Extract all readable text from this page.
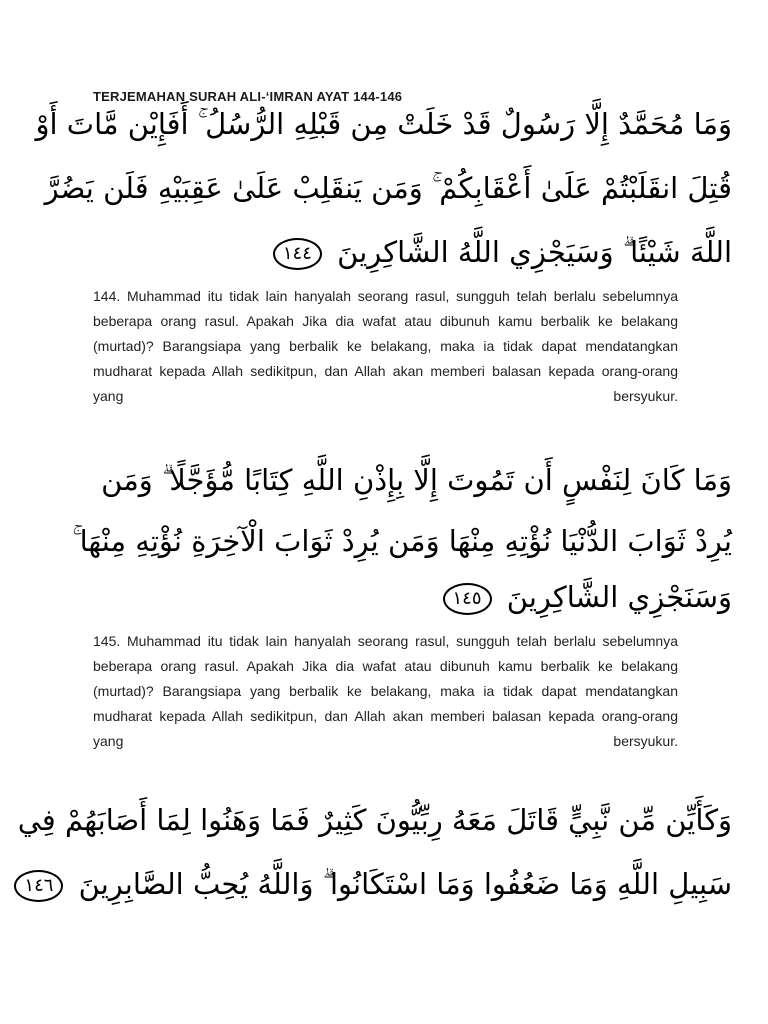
TERJEMAHAN SURAH ALI-‘IMRAN AYAT 144-146
وَمَا مُحَمَّدٌ إِلَّا رَسُولٌ قَدْ خَلَتْ مِن قَبْلِهِ الرُّسُلُ ۚ أَفَإِيْن مَّاتَ أَوْ
قُتِلَ انقَلَبْتُمْ عَلَىٰ أَعْقَابِكُمْ ۚ وَمَن يَنقَلِبْ عَلَىٰ عَقِبَيْهِ فَلَن يَضُرَّ
اللَّهَ شَيْئًا ۗ وَسَيَجْزِي اللَّهُ الشَّاكِرِينَ ١٤٤
144. Muhammad itu tidak lain hanyalah seorang rasul, sungguh telah berlalu sebelumnya beberapa orang rasul. Apakah Jika dia wafat atau dibunuh kamu berbalik ke belakang (murtad)? Barangsiapa yang berbalik ke belakang, maka ia tidak dapat mendatangkan mudharat kepada Allah sedikitpun, dan Allah akan memberi balasan kepada orang-orang yang bersyukur.
وَمَا كَانَ لِنَفْسٍ أَن تَمُوتَ إِلَّا بِإِذْنِ اللَّهِ كِتَابًا مُّؤَجَّلًا ۗ وَمَن
يُرِدْ ثَوَابَ الدُّنْيَا نُؤْتِهِ مِنْهَا وَمَن يُرِدْ ثَوَابَ الْآخِرَةِ نُؤْتِهِ مِنْهَا ۚ
وَسَنَجْزِي الشَّاكِرِينَ ١٤٥
145. Muhammad itu tidak lain hanyalah seorang rasul, sungguh telah berlalu sebelumnya beberapa orang rasul. Apakah Jika dia wafat atau dibunuh kamu berbalik ke belakang (murtad)? Barangsiapa yang berbalik ke belakang, maka ia tidak dapat mendatangkan mudharat kepada Allah sedikitpun, dan Allah akan memberi balasan kepada orang-orang yang bersyukur.
وَكَأَيِّن مِّن نَّبِيٍّ قَاتَلَ مَعَهُ رِبِّيُّونَ كَثِيرٌ فَمَا وَهَنُوا لِمَا أَصَابَهُمْ فِي
سَبِيلِ اللَّهِ وَمَا ضَعُفُوا وَمَا اسْتَكَانُوا ۗ وَاللَّهُ يُحِبُّ الصَّابِرِينَ ١٤٦
